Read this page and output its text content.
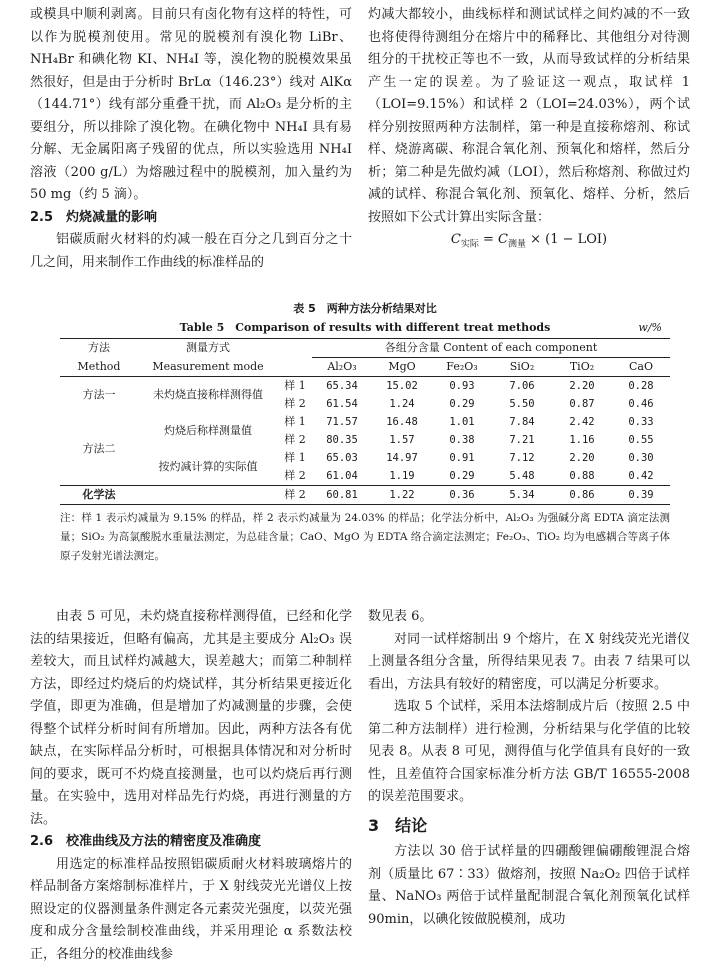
或模具中顺利剥离。目前只有卤化物有这样的特性，可以作为脱模剂使用。常见的脱模剂有溴化物 LiBr、NH₄Br 和碘化物 KI、NH₄I 等，溴化物的脱模效果虽然很好，但是由于分析时 BrLα（146.23°）线对 AlKα（144.71°）线有部分重叠干扰，而 Al₂O₃ 是分析的主要组分，所以排除了溴化物。在碘化物中 NH₄I 具有易分解、无金属阳离子残留的优点，所以实验选用 NH₄I 溶液（200 g/L）为熔融过程中的脱模剂，加入量约为 50 mg（约 5 滴）。

2.5　灼烧减量的影响

铝碳质耐火材料的灼减一般在百分之几到百分之十几之间，用来制作工作曲线的标准样品的

灼减大都较小，曲线标样和测试试样之间灼减的不一致也将使得待测组分在熔片中的稀释比、其他组分对待测组分的干扰校正等也不一致，从而导致试样的分析结果产生一定的误差。为了验证这一观点，取试样 1（LOI=9.15%）和试样 2（LOI=24.03%），两个试样分别按照两种方法制样，第一种是直接称熔剂、称试样、烧游离碳、称混合氧化剂、预氧化和熔样，然后分析；第二种是先做灼减（LOI），然后称熔剂、称做过灼减的试样、称混合氧化剂、预氧化、熔样、分析，然后按照如下公式计算出实际含量：

$C_{实际} = C_{测量} \times (1 - LOI)$

表 5　两种方法分析结果对比
Table 5　Comparison of results with different treat methods	w/%
方法	测量方式		各组分含量 Content of each component					
Method	Measurement mode		Al₂O₃	MgO	Fe₂O₃	SiO₂	TiO₂	CaO
方法一	未灼烧直接称样测得值	样 1	65.34	15.02	0.93	7.06	2.20	0.28
		样 2	61.54	1.24	0.29	5.50	0.87	0.46
方法二	灼烧后称样测量值	样 1	71.57	16.48	1.01	7.84	2.42	0.33
		样 2	80.35	1.57	0.38	7.21	1.16	0.55
	按灼减计算的实际值	样 1	65.03	14.97	0.91	7.12	2.20	0.30
		样 2	61.04	1.19	0.29	5.48	0.88	0.42
化学法		样 2	60.81	1.22	0.36	5.34	0.86	0.39
注：样 1 表示灼减量为 9.15% 的样品，样 2 表示灼减量为 24.03% 的样品；化学法分析中，Al₂O₃ 为强碱分离 EDTA 滴定法测量；SiO₂ 为高氯酸脱水重量法测定，为总硅含量；CaO、MgO 为 EDTA 络合滴定法测定；Fe₂O₃、TiO₂ 均为电感耦合等离子体原子发射光谱法测定。

由表 5 可见，未灼烧直接称样测得值，已经和化学法的结果接近，但略有偏高，尤其是主要成分 Al₂O₃ 误差较大，而且试样灼减越大，误差越大；而第二种制样方法，即经过灼烧后的灼烧试样，其分析结果更接近化学值，即更为准确，但是增加了灼减测量的步骤，会使得整个试样分析时间有所增加。因此，两种方法各有优缺点，在实际样品分析时，可根据具体情况和对分析时间的要求，既可不灼烧直接测量，也可以灼烧后再行测量。在实验中，选用对样品先行灼烧，再进行测量的方法。

2.6　校准曲线及方法的精密度及准确度

用选定的标准样品按照铝碳质耐火材料玻璃熔片的样品制备方案熔制标准样片，于 X 射线荧光光谱仪上按照设定的仪器测量条件测定各元素荧光强度，以荧光强度和成分含量绘制校准曲线，并采用理论 α 系数法校正，各组分的校准曲线参

数见表 6。

对同一试样熔制出 9 个熔片，在 X 射线荧光光谱仪上测量各组分含量，所得结果见表 7。由表 7 结果可以看出，方法具有较好的精密度，可以满足分析要求。

选取 5 个试样，采用本法熔制成片后（按照 2.5 中第二种方法制样）进行检测，分析结果与化学值的比较见表 8。从表 8 可见，测得值与化学值具有良好的一致性，且差值符合国家标准分析方法 GB/T 16555-2008 的误差范围要求。

3　结论

方法以 30 倍于试样量的四硼酸锂偏硼酸锂混合熔剂（质量比 67∶33）做熔剂，按照 Na₂O₂ 四倍于试样量、NaNO₃ 两倍于试样量配制混合氧化剂预氧化试样 90min，以碘化铵做脱模剂，成功
